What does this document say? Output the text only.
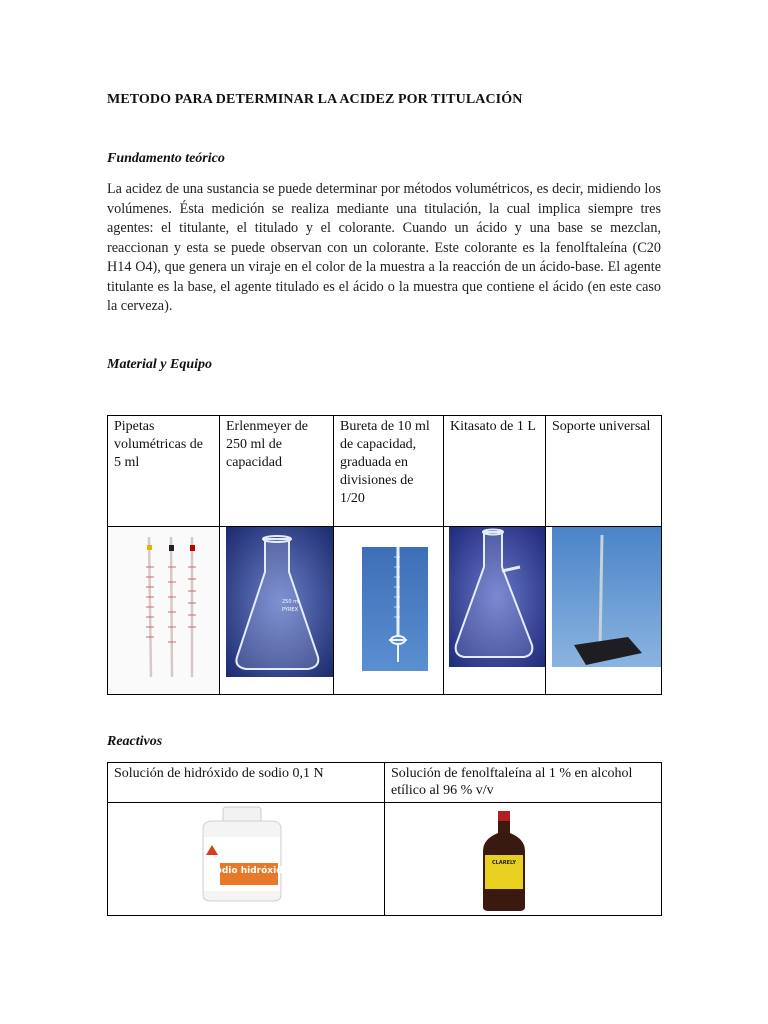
METODO PARA DETERMINAR LA ACIDEZ POR TITULACIÓN
Fundamento teórico
La acidez de una sustancia se puede determinar por métodos volumétricos, es decir, midiendo los volúmenes. Ésta medición se realiza mediante una titulación, la cual implica siempre tres agentes: el titulante, el titulado y el colorante. Cuando un ácido y una base se mezclan, reaccionan y esta se puede observan con un colorante. Este colorante es la fenolftaleína (C20 H14 O4), que genera un viraje en el color de la muestra a la reacción de un ácido-base. El agente titulante es la base, el agente titulado es el ácido o la muestra que contiene el ácido (en este caso la cerveza).
Material y Equipo
Pipetas volumétricas de 5 ml	Erlenmeyer de 250 ml de capacidad	Bureta de 10 ml de capacidad, graduada en divisiones de 1/20	Kitasato de 1 L	Soporte universal

250 ml
PYREX

Reactivos
Solución de hidróxido de sodio 0,1 N	Solución de fenolftaleína al 1 % en alcohol etílico al 96 % v/v

Sodio hidróxido	CLARELY
